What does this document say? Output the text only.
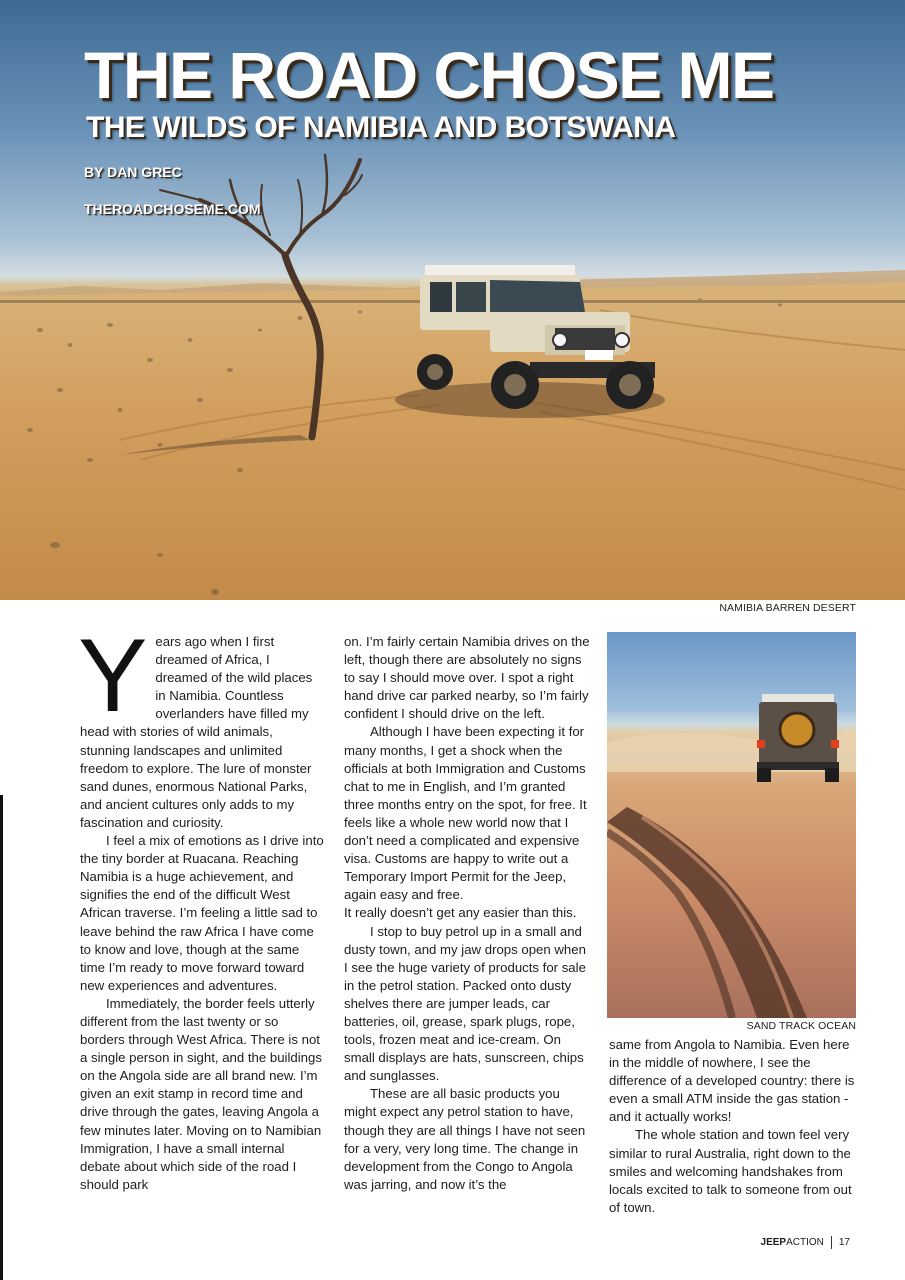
THE ROAD CHOSE ME
THE WILDS OF NAMIBIA AND BOTSWANA
BY DAN GREC
THEROADCHOSEME.COM
NAMIBIA BARREN DESERT
Y ears ago when I first dreamed of Africa, I dreamed of the wild places in Namibia. Countless overlanders have filled my head with stories of wild animals, stunning landscapes and unlimited freedom to explore. The lure of monster sand dunes, enormous National Parks, and ancient cultures only adds to my fascination and curiosity.

I feel a mix of emotions as I drive into the tiny border at Ruacana. Reaching Namibia is a huge achievement, and signifies the end of the difficult West African traverse. I’m feeling a little sad to leave behind the raw Africa I have come to know and love, though at the same time I’m ready to move forward toward new experiences and adventures.

Immediately, the border feels utterly different from the last twenty or so borders through West Africa. There is not a single person in sight, and the buildings on the Angola side are all brand new. I’m given an exit stamp in record time and drive through the gates, leaving Angola a few minutes later. Moving on to Namibian Immigration, I have a small internal debate about which side of the road I should park

on. I’m fairly certain Namibia drives on the left, though there are absolutely no signs to say I should move over. I spot a right hand drive car parked nearby, so I’m fairly confident I should drive on the left.

Although I have been expecting it for many months, I get a shock when the officials at both Immigration and Customs chat to me in English, and I’m granted three months entry on the spot, for free. It feels like a whole new world now that I don’t need a complicated and expensive visa. Customs are happy to write out a Temporary Import Permit for the Jeep, again easy and free.

It really doesn’t get any easier than this.

I stop to buy petrol up in a small and dusty town, and my jaw drops open when I see the huge variety of products for sale in the petrol station. Packed onto dusty shelves there are jumper leads, car batteries, oil, grease, spark plugs, rope, tools, frozen meat and ice-cream. On small displays are hats, sunscreen, chips and sunglasses.

These are all basic products you might expect any petrol station to have, though they are all things I have not seen for a very, very long time. The change in development from the Congo to Angola was jarring, and now it’s the

SAND TRACK OCEAN

same from Angola to Namibia. Even here in the middle of nowhere, I see the difference of a developed country: there is even a small ATM inside the gas station - and it actually works!

The whole station and town feel very similar to rural Australia, right down to the smiles and welcoming handshakes from locals excited to talk to someone from out of town.

JEEP ACTION 17
